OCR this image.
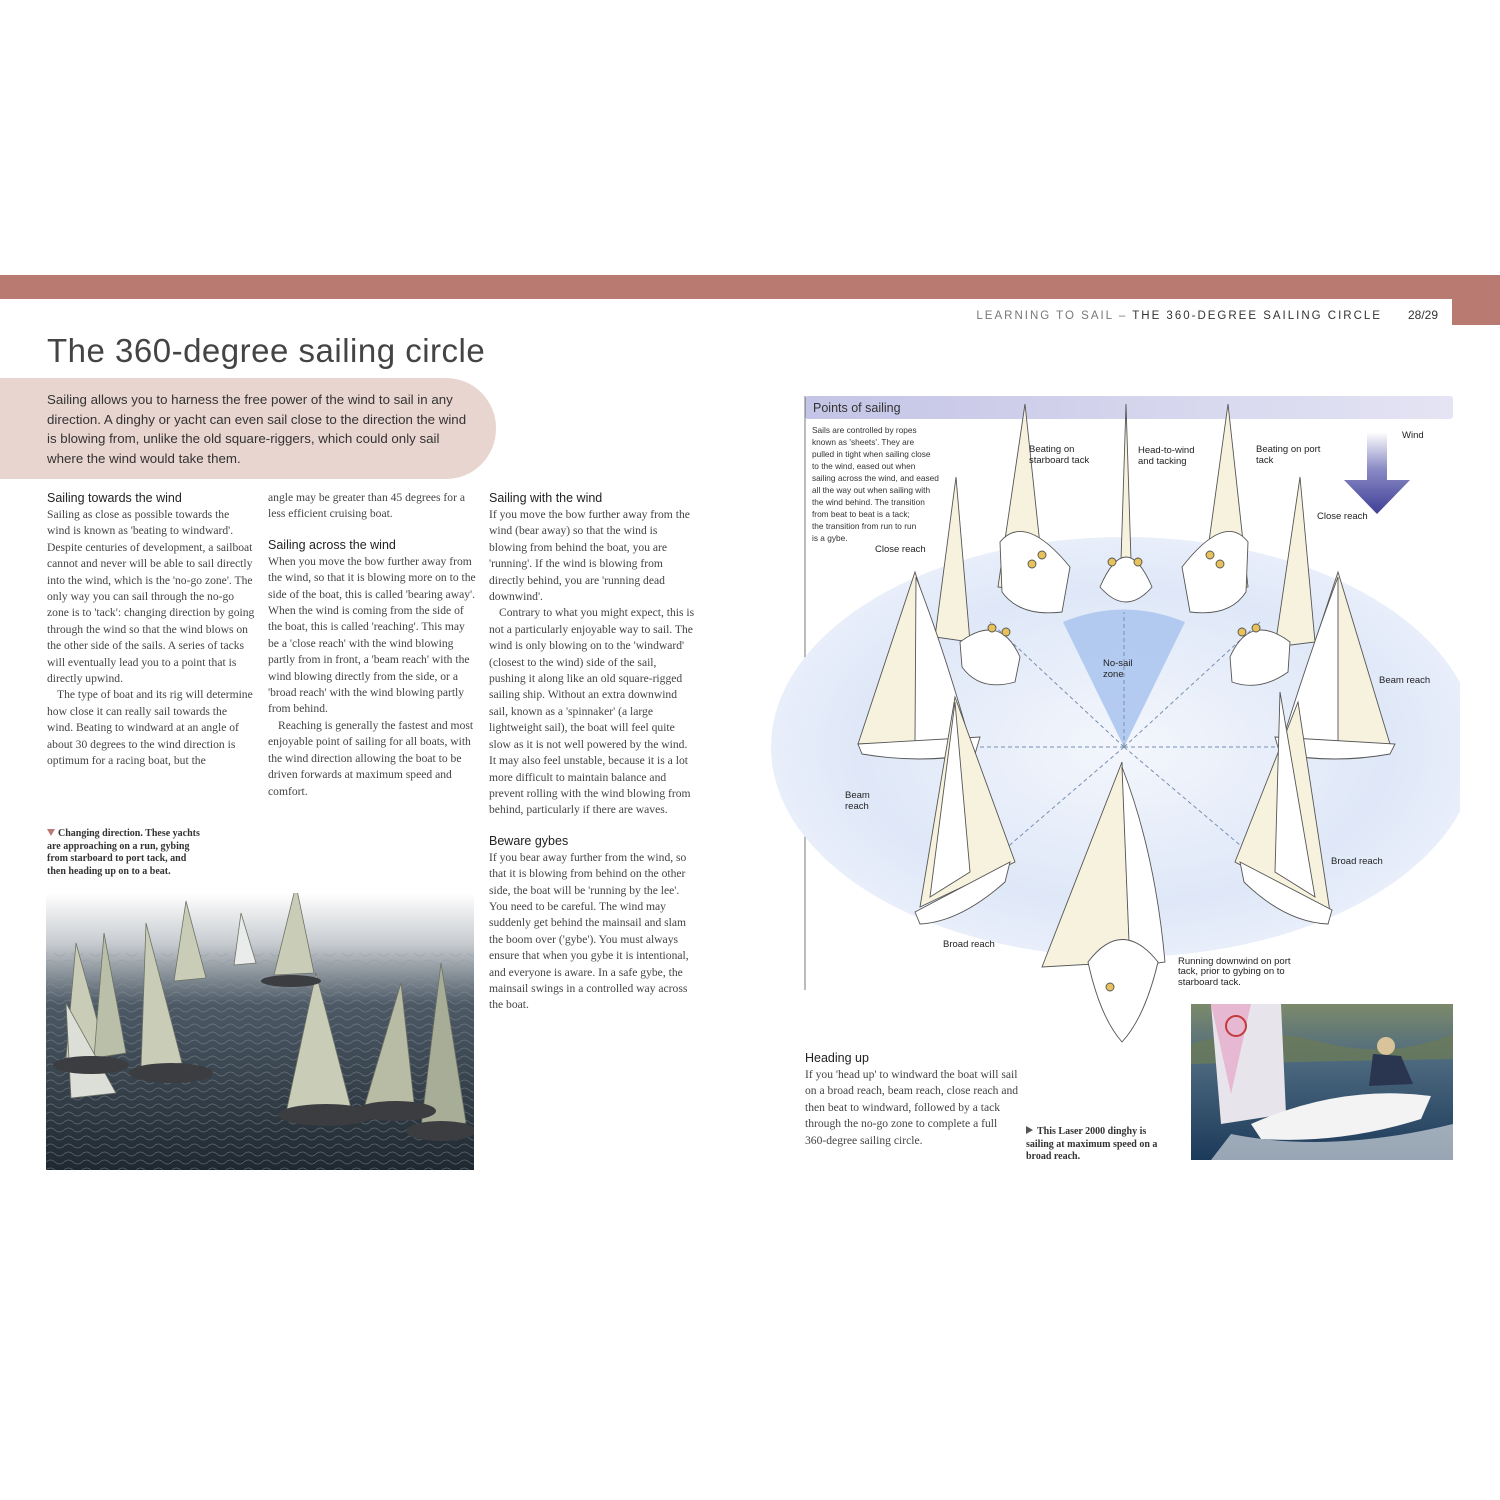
LEARNING TO SAIL – THE 360-DEGREE SAILING CIRCLE 28/29
The 360-degree sailing circle

Sailing allows you to harness the free power of the wind to sail in any direction. A dinghy or yacht can even sail close to the direction the wind is blowing from, unlike the old square-riggers, which could only sail where the wind would take them.

Sailing towards the wind

Sailing as close as possible towards the wind is known as 'beating to windward'. Despite centuries of development, a sailboat cannot and never will be able to sail directly into the wind, which is the 'no-go zone'. The only way you can sail through the no-go zone is to 'tack': changing direction by going through the wind so that the wind blows on the other side of the sails. A series of tacks will eventually lead you to a point that is directly upwind.

The type of boat and its rig will determine how close it can really sail towards the wind. Beating to windward at an angle of about 30 degrees to the wind direction is optimum for a racing boat, but the

Changing direction. These yachts are approaching on a run, gybing from starboard to port tack, and then heading up on to a beat.

angle may be greater than 45 degrees for a less efficient cruising boat.

Sailing across the wind

When you move the bow further away from the wind, so that it is blowing more on to the side of the boat, this is called 'bearing away'. When the wind is coming from the side of the boat, this is called 'reaching'. This may be a 'close reach' with the wind blowing partly from in front, a 'beam reach' with the wind blowing directly from the side, or a 'broad reach' with the wind blowing partly from behind.

Reaching is generally the fastest and most enjoyable point of sailing for all boats, with the wind direction allowing the boat to be driven forwards at maximum speed and comfort.

Sailing with the wind

If you move the bow further away from the wind (bear away) so that the wind is blowing from behind the boat, you are 'running'. If the wind is blowing from directly behind, you are 'running dead downwind'.

Contrary to what you might expect, this is not a particularly enjoyable way to sail. The wind is only blowing on to the 'windward' (closest to the wind) side of the sail, pushing it along like an old square-rigged sailing ship. Without an extra downwind sail, known as a 'spinnaker' (a large lightweight sail), the boat will feel quite slow as it is not well powered by the wind. It may also feel unstable, because it is a lot more difficult to maintain balance and prevent rolling with the wind blowing from behind, particularly if there are waves.

Beware gybes

If you bear away further from the wind, so that it is blowing from behind on the other side, the boat will be 'running by the lee'. You need to be careful. The wind may suddenly get behind the mainsail and slam the boom over ('gybe'). You must always ensure that when you gybe it is intentional, and everyone is aware. In a safe gybe, the mainsail swings in a controlled way across the boat.

Points of sailing
No-sail
zone
Wind
Sails are controlled by ropes
known as 'sheets'. They are
pulled in tight when sailing close
to the wind, eased out when
sailing across the wind, and eased
all the way out when sailing with
the wind behind. The transition
from beat to beat is a tack;
the transition from run to run
is a gybe.
Beating on
starboard tack
Head-to-wind
and tacking
Beating on port
tack
Close reach
Close reach
Beam reach
Beam
reach
Broad reach
Broad reach
Running downwind on port
tack, prior to gybing on to
starboard tack.
Heading up

If you 'head up' to windward the boat will sail on a broad reach, beam reach, close reach and then beat to windward, followed by a tack through the no-go zone to complete a full 360-degree sailing circle.

This Laser 2000 dinghy is sailing at maximum speed on a broad reach.
